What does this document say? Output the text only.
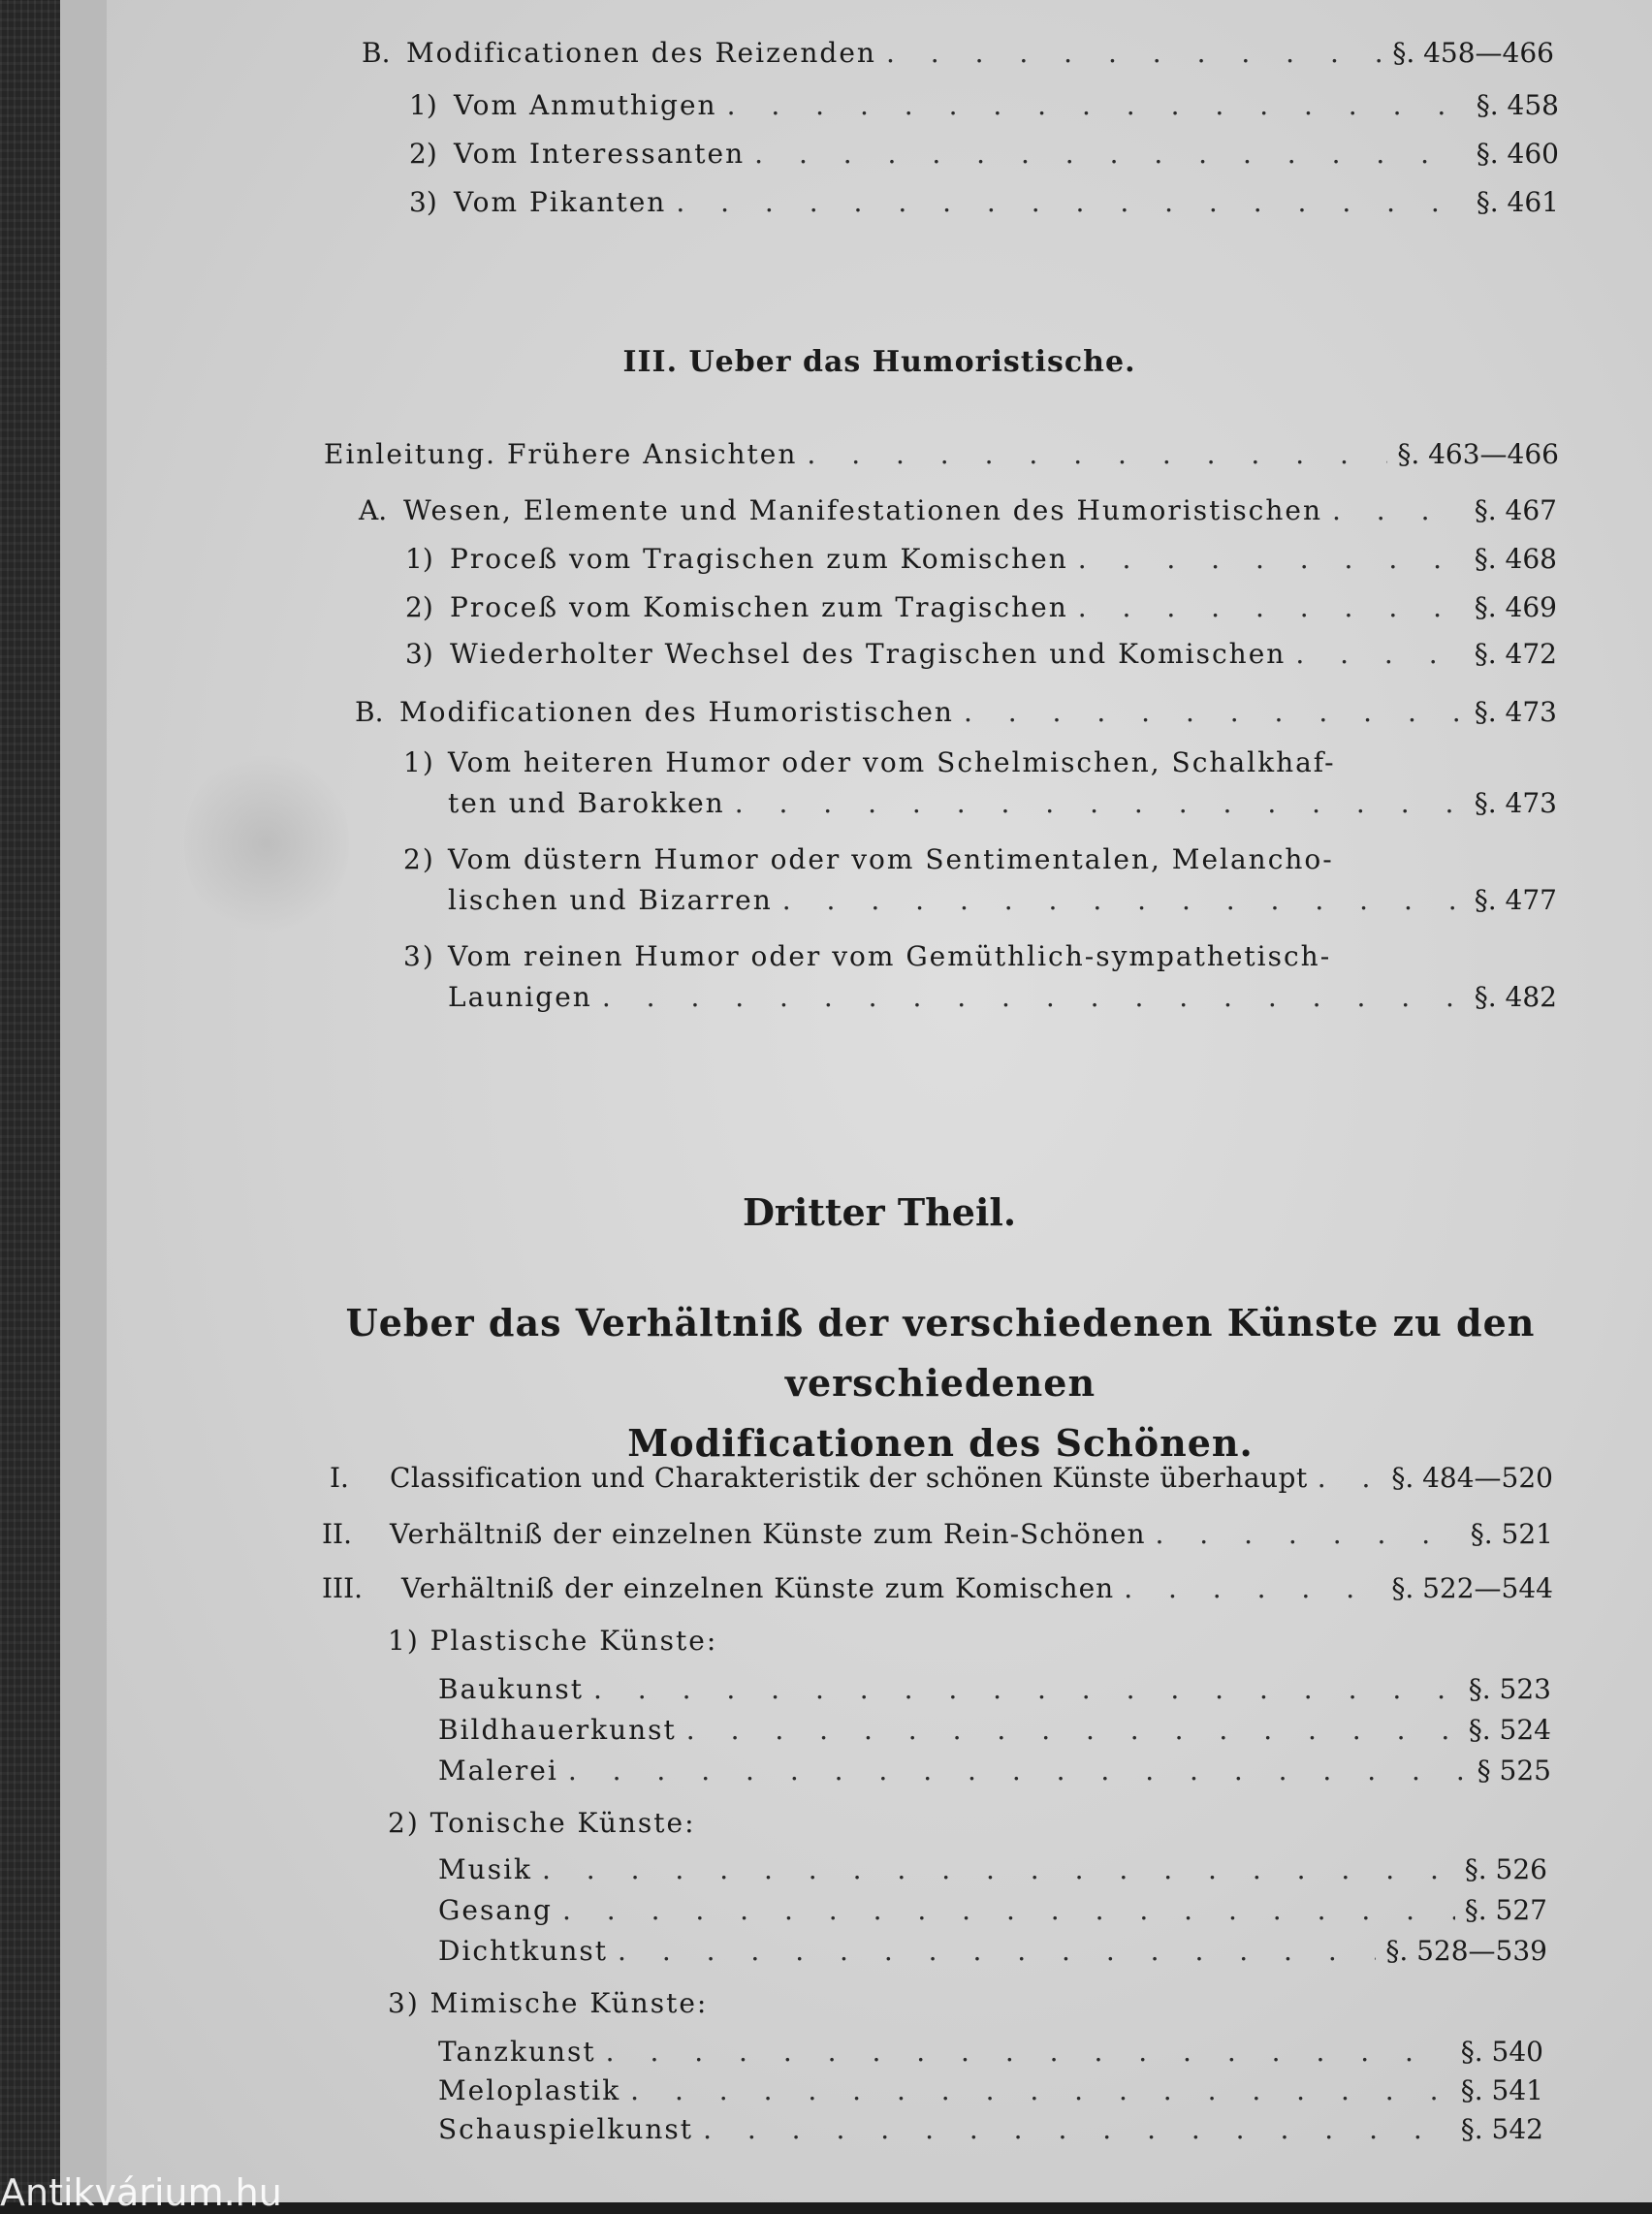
B. Modificationen des Reizenden . . .	§. 458—466
1) Vom Anmuthigen . . .	§. 458
2) Vom Interessanten . . .	§. 460
3) Vom Pikanten . . .	§. 461
III. Ueber das Humoristische.
Einleitung. Frühere Ansichten . . .	§. 463—466
A. Wesen, Elemente und Manifestationen des Humoristischen . . .	§. 467
1) Proceß vom Tragischen zum Komischen . . .	§. 468
2) Proceß vom Komischen zum Tragischen . . .	§. 469
3) Wiederholter Wechsel des Tragischen und Komischen . . .	§. 472
B. Modificationen des Humoristischen . . .	§. 473
1) Vom heiteren Humor oder vom Schelmischen, Schalkhaf-
ten und Barokken . . .	§. 473
2) Vom düstern Humor oder vom Sentimentalen, Melancho-
lischen und Bizarren . . .	§. 477
3) Vom reinen Humor oder vom Gemüthlich-sympathetisch-
Launigen . . .	§. 482
Dritter Theil.
Ueber das Verhältniß der verschiedenen Künste zu den verschiedenen
Modificationen des Schönen.
I.	Classification und Charakteristik der schönen Künste überhaupt . . .	§. 484—520
II.	Verhältniß der einzelnen Künste zum Rein-Schönen . . .	§. 521
III.	Verhältniß der einzelnen Künste zum Komischen . . .	§. 522—544
1) Plastische Künste:
Baukunst . . .	§. 523
Bildhauerkunst . . .	§. 524
Malerei . . .	§ 525
2) Tonische Künste:
Musik . . .	§. 526
Gesang . . .	§. 527
Dichtkunst . . .	§. 528—539
3) Mimische Künste:
Tanzkunst . . .	§. 540
Meloplastik . . .	§. 541
Schauspielkunst . . .	§. 542
Antikvárium.hu
